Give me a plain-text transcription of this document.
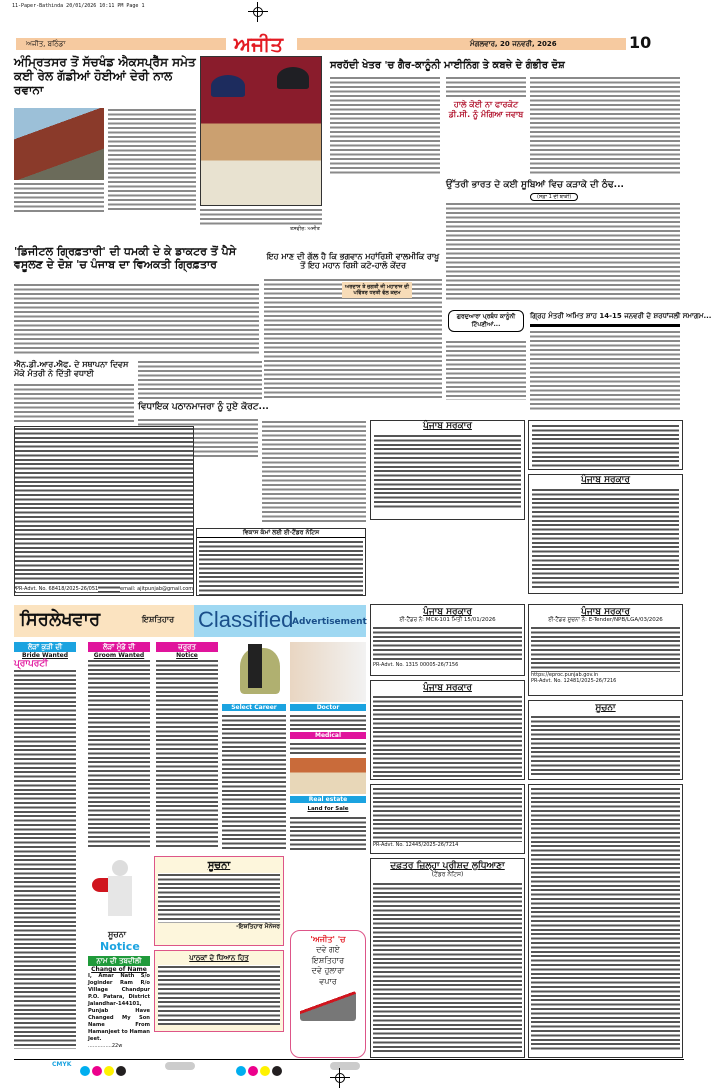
11-Paper-Bathinda 20/01/2026 10:11 PM Page 1
ਅਜੀਤ, ਬਠਿੰਡਾ	ਅਜੀਤ	ਮੰਗਲਵਾਰ, 20 ਜਨਵਰੀ, 2026	10
ਅੰਮ੍ਰਿਤਸਰ ਤੋਂ ਸੱਚਖੰਡ ਐਕਸਪ੍ਰੈੱਸ ਸਮੇਤ ਕਈ ਰੇਲ ਗੱਡੀਆਂ ਹੋਈਆਂ ਦੇਰੀ ਨਾਲ ਰਵਾਨਾ
ਤਸਵੀਰ: ਅਜੀਤ
ਸਰਹੱਦੀ ਖੇਤਰ 'ਚ ਗੈਰ-ਕਾਨੂੰਨੀ ਮਾਈਨਿੰਗ ਤੇ ਕਬਜ਼ੇ ਦੇ ਗੰਭੀਰ ਦੋਸ਼
ਹਾਲੇ ਕੋਈ ਨਾ ਫਾਰਕੋਟ ਡੀ.ਸੀ. ਨੂੰ ਮੰਗਿਆ ਜਵਾਬ
ਉੱਤਰੀ ਭਾਰਤ ਦੇ ਕਈ ਸੂਬਿਆਂ ਵਿਚ ਕੜਾਕੇ ਦੀ ਠੰਢ...
(ਸਫ਼ਾ 1 ਦੀ ਬਾਕੀ)
'ਡਿਜੀਟਲ ਗ੍ਰਿਫ਼ਤਾਰੀ' ਦੀ ਧਮਕੀ ਦੇ ਕੇ ਡਾਕਟਰ ਤੋਂ ਪੈਸੇ ਵਸੂਲਣ ਦੇ ਦੋਸ਼ 'ਚ ਪੰਜਾਬ ਦਾ ਵਿਅਕਤੀ ਗ੍ਰਿਫ਼ਤਾਰ
ਇਹ ਮਾਣ ਦੀ ਗੱਲ ਹੈ ਕਿ ਭਗਵਾਨ ਮਹਾਂਰਿਸ਼ੀ ਵਾਲਮੀਕਿ ਰਾਖੂ ਤੋਂ ਇਹ ਮਹਾਨ ਰਿਸ਼ੀ ਕਟੋ-ਹਾਲੋ ਕੇਂਦਰ
ਅਰਦਾਸ ਤੇ ਜੁਗਤੀ ਜੀ ਮਹਾਰਾਜ ਦੀ ਪਵਿੱਤਰ ਧਰਤੀ ਵੱਲ ਕਦਮ
ਗੁਰਦੁਆਰਾ ਪ੍ਰਬੰਧ ਕਾਨੂੰਨੀ ਟਿੱਪਣੀਆਂ...
ਗ੍ਰਿਹ ਮੰਤਰੀ ਅਮਿਤ ਸ਼ਾਹ 14-15 ਜਨਵਰੀ ਦੇ ਸ਼ਰਧਾਂਜਲੀ ਸਮਾਗਮ...
ਐਨ.ਡੀ.ਆਰ.ਐਫ. ਦੇ ਸਥਾਪਨਾ ਦਿਵਸ ਮੌਕੇ ਮੰਤਰੀ ਨੇ ਦਿੱਤੀ ਵਧਾਈ
ਵਿਧਾਇਕ ਪਠਾਨਮਾਜਰਾ ਨੂੰ ਹੁਏ ਕੋਰਟ...
PR-Advt. No. 68418/2025-26/051	email: ajitpunjab@gmail.com
ਵਿਕਾਸ ਕੰਮਾਂ ਲਈ ਈ-ਟੈਂਡਰ ਨੋਟਿਸ
ਪੰਜਾਬ ਸਰਕਾਰ
ਪੰਜਾਬ ਸਰਕਾਰ
ਪੰਜਾਬ ਸਰਕਾਰ
ਈ-ਟੈਂਡਰ ਨੰ: MCK-101 ਮਿਤੀ 15/01/2026
PR-Advt. No. 1315 00005-26/7156
ਪੰਜਾਬ ਸਰਕਾਰ
ਈ-ਟੈਂਡਰ ਸੂਚਨਾ ਨੰ: E-Tender/NPB/LGA/03/2026
https://eproc.punjab.gov.in
PR-Advt. No. 12481/2025-26/7216
ਪੰਜਾਬ ਸਰਕਾਰ
ਸੂਚਨਾ
PR-Advt. No. 12445/2025-26/7214
ਦਫ਼ਤਰ ਜ਼ਿਲ੍ਹਾ ਪ੍ਰੀਸ਼ਦ ਲੁਧਿਆਣਾ
(ਟੈਂਡਰ ਨੋਟਿਸ)
ਸਿਰਲੇਖਵਾਰ	ਇਸ਼ਤਿਹਾਰ Classified
Advertisement
ਲੋੜਾਂ ਕੁੜੀ ਦੀ
Bride Wanted
ਪ੍ਰਾਪਰਟੀ
ਲੋੜਾਂ ਮੁੰਡੇ ਦੀ
Groom Wanted
ਸੂਚਨਾ
Notice
ਨਾਮ ਦੀ ਤਬਦੀਲੀ
Change of Name
I, Amar Nath S/o Joginder Ram R/o Village Chandpur P.O. Patara, District Jalandhar-144101, Punjab Have Changed My Son Name From Hamanjeet to Haman Jeet.
...............22w
ਜ਼ਰੂਰਤ
Notice
Select Career	Doctor
Medical
Real estate
Land for Sale
ਸੂਚਨਾ
-ਇਸ਼ਤਿਹਾਰ ਮੈਨੇਜਰ
ਪਾਠਕਾਂ ਦੇ ਧਿਆਨ ਹਿਤ
'ਅਜੀਤ' 'ਚ
ਦਵੇ ਗਏ
ਇਸ਼ਤਿਹਾਰ
ਦਵੇ ਹੁਲਾਰਾ
ਵਪਾਰ
CMYK
